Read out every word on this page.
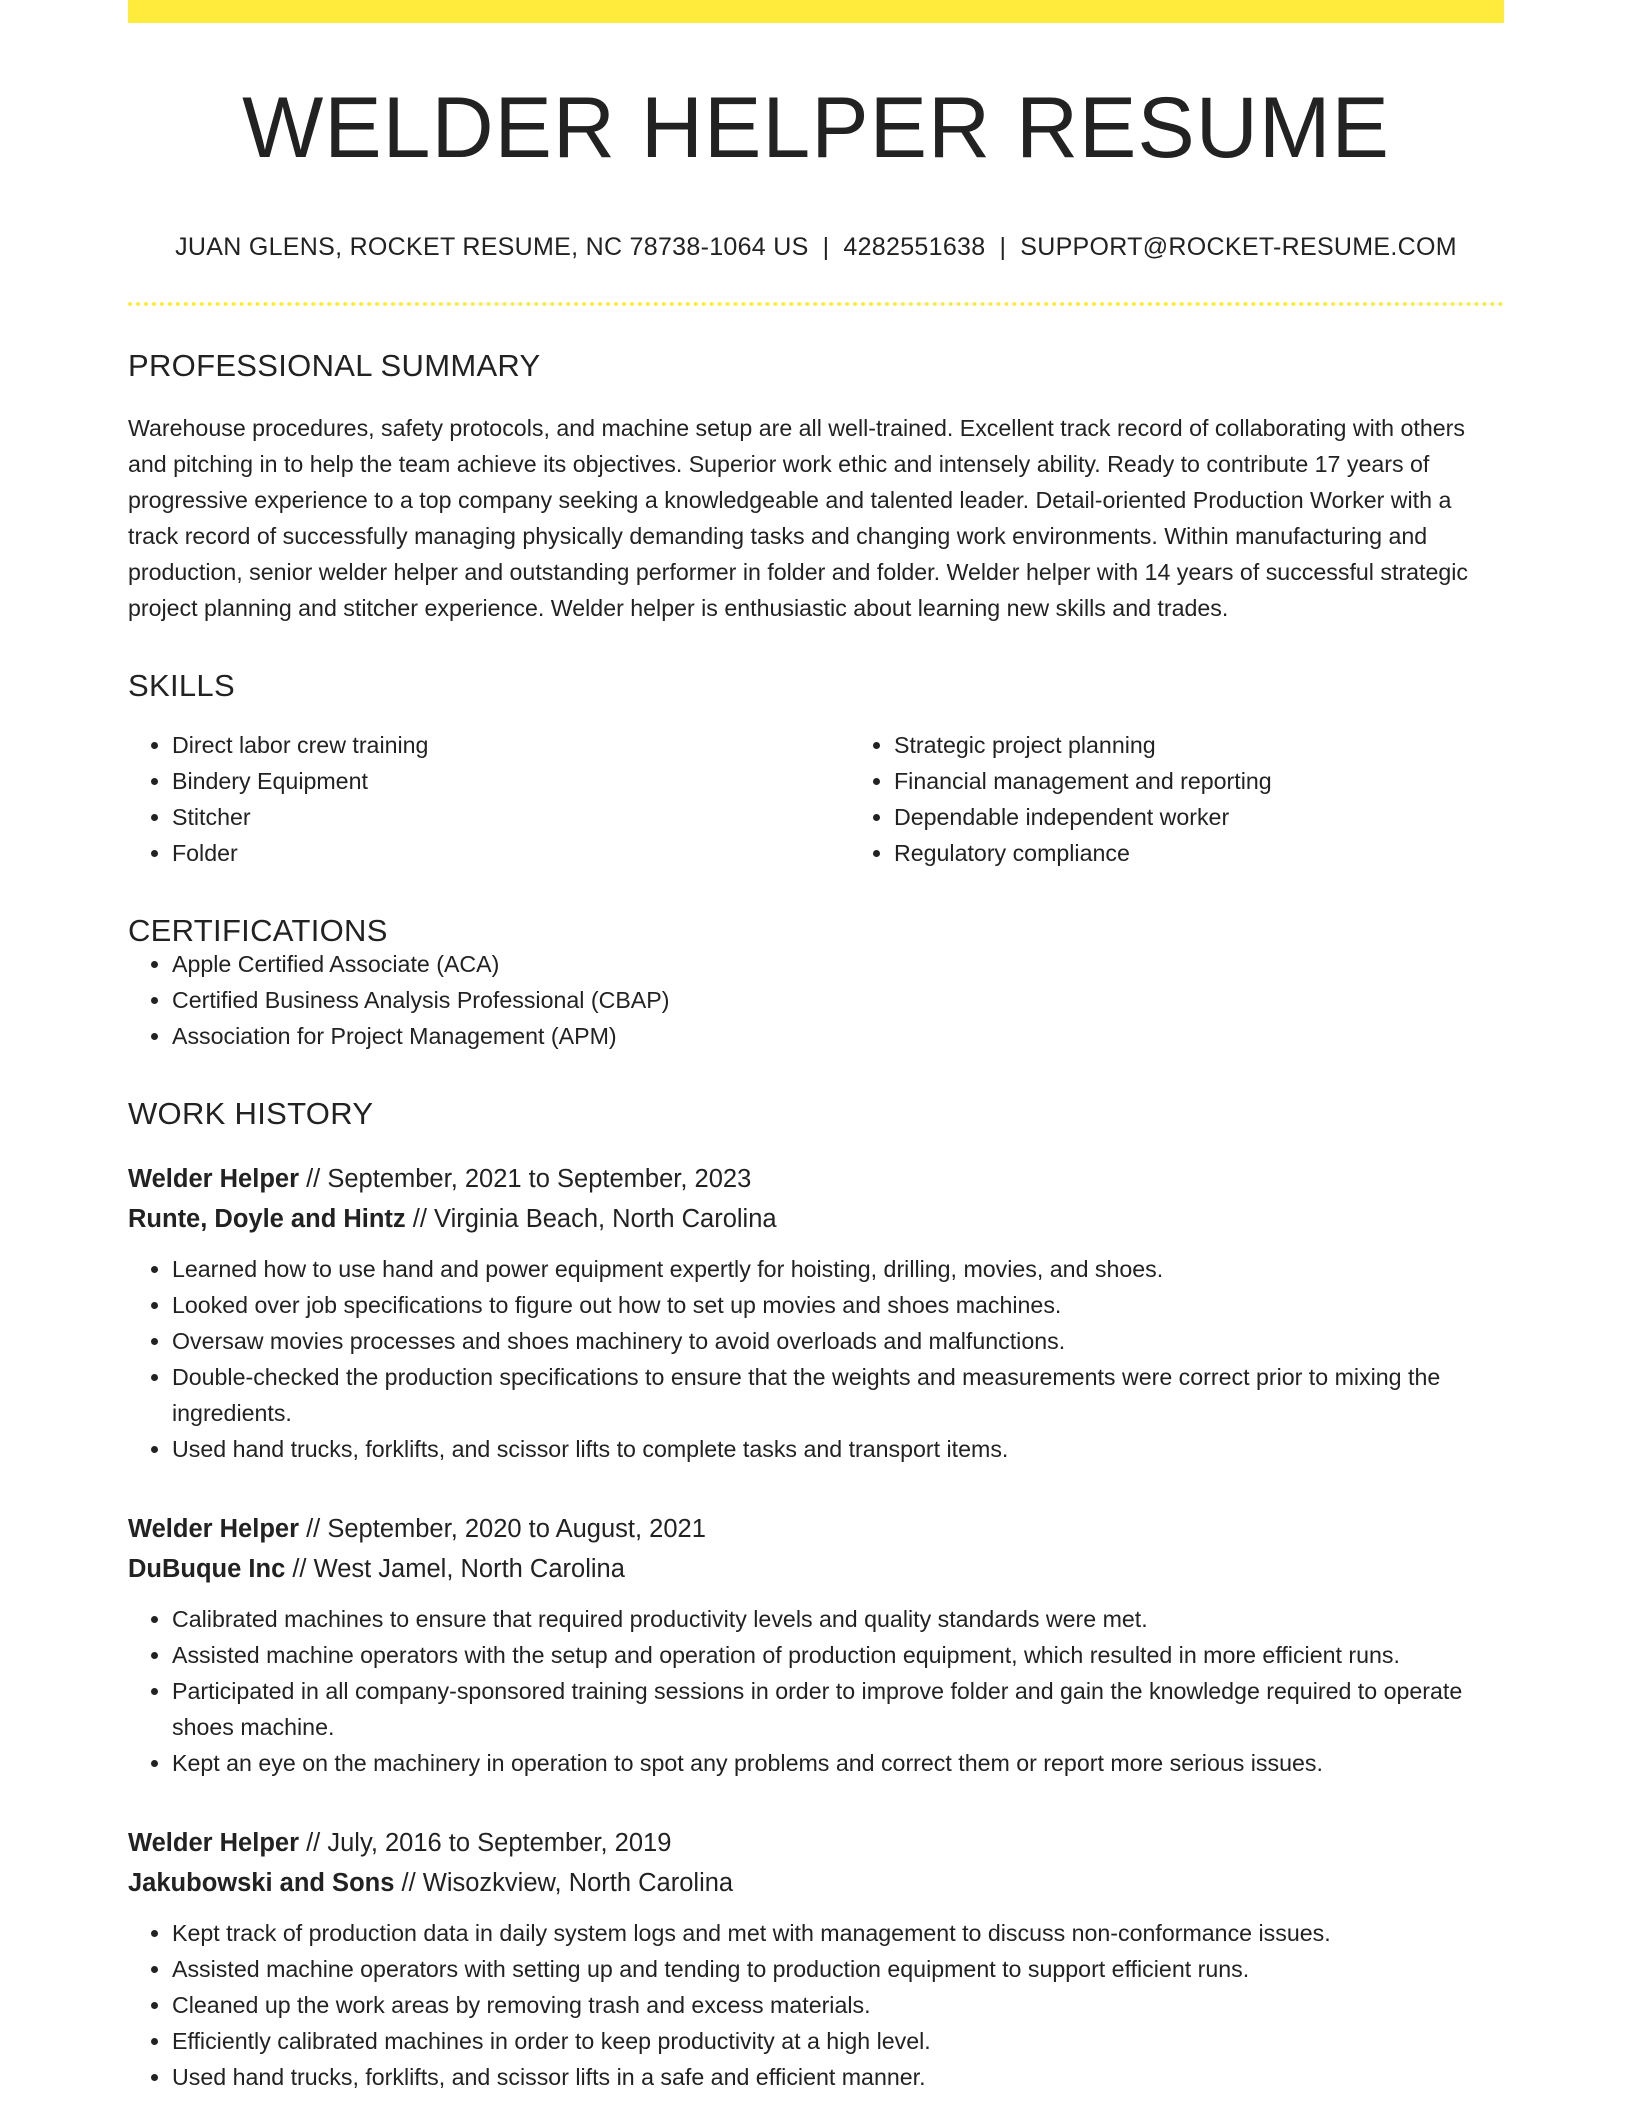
WELDER HELPER RESUME
JUAN GLENS, ROCKET RESUME, NC 78738-1064 US | 4282551638 | SUPPORT@ROCKET-RESUME.COM
PROFESSIONAL SUMMARY

Warehouse procedures, safety protocols, and machine setup are all well-trained. Excellent track record of collaborating with others and pitching in to help the team achieve its objectives. Superior work ethic and intensely ability. Ready to contribute 17 years of progressive experience to a top company seeking a knowledgeable and talented leader. Detail-oriented Production Worker with a track record of successfully managing physically demanding tasks and changing work environments. Within manufacturing and production, senior welder helper and outstanding performer in folder and folder. Welder helper with 14 years of successful strategic project planning and stitcher experience. Welder helper is enthusiastic about learning new skills and trades.

SKILLS
• Direct labor crew training
• Bindery Equipment
• Stitcher
• Folder
• Strategic project planning
• Financial management and reporting
• Dependable independent worker
• Regulatory compliance
CERTIFICATIONS
• Apple Certified Associate (ACA)
• Certified Business Analysis Professional (CBAP)
• Association for Project Management (APM)
WORK HISTORY
Welder Helper // September, 2021 to September, 2023
Runte, Doyle and Hintz // Virginia Beach, North Carolina
• Learned how to use hand and power equipment expertly for hoisting, drilling, movies, and shoes.
• Looked over job specifications to figure out how to set up movies and shoes machines.
• Oversaw movies processes and shoes machinery to avoid overloads and malfunctions.
• Double-checked the production specifications to ensure that the weights and measurements were correct prior to mixing the ingredients.
• Used hand trucks, forklifts, and scissor lifts to complete tasks and transport items.
Welder Helper // September, 2020 to August, 2021
DuBuque Inc // West Jamel, North Carolina
• Calibrated machines to ensure that required productivity levels and quality standards were met.
• Assisted machine operators with the setup and operation of production equipment, which resulted in more efficient runs.
• Participated in all company-sponsored training sessions in order to improve folder and gain the knowledge required to operate shoes machine.
• Kept an eye on the machinery in operation to spot any problems and correct them or report more serious issues.
Welder Helper // July, 2016 to September, 2019
Jakubowski and Sons // Wisozkview, North Carolina
• Kept track of production data in daily system logs and met with management to discuss non-conformance issues.
• Assisted machine operators with setting up and tending to production equipment to support efficient runs.
• Cleaned up the work areas by removing trash and excess materials.
• Efficiently calibrated machines in order to keep productivity at a high level.
• Used hand trucks, forklifts, and scissor lifts in a safe and efficient manner.
